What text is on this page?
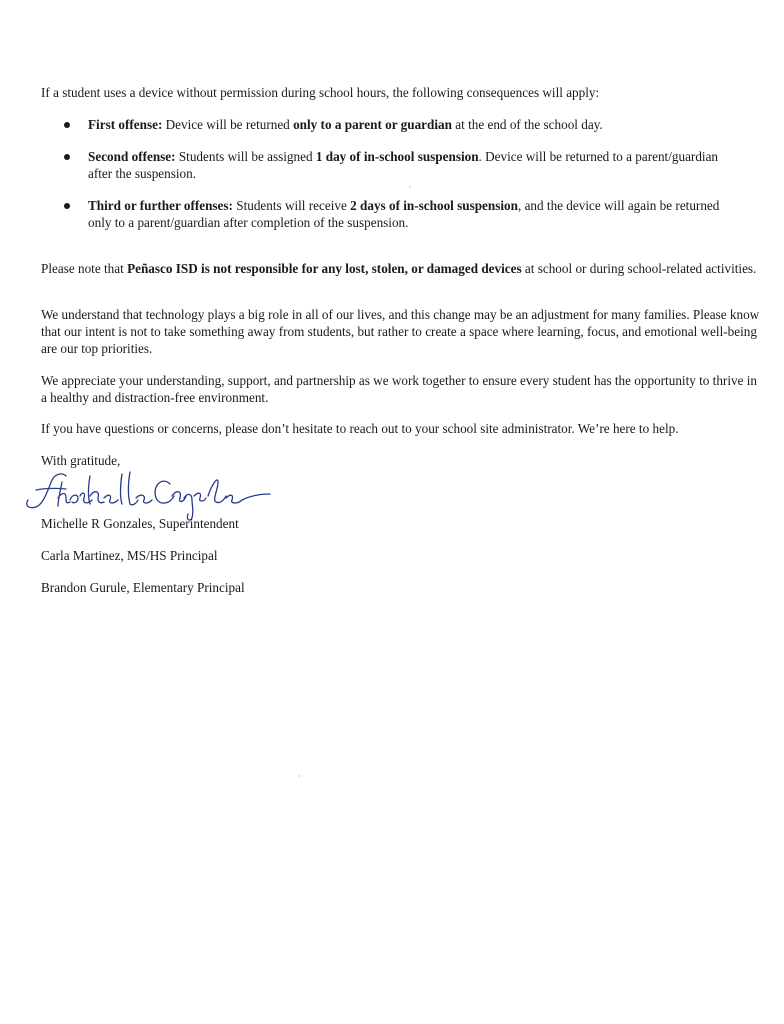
If a student uses a device without permission during school hours, the following consequences will apply:

First offense: Device will be returned only to a parent or guardian at the end of the school day.
Second offense: Students will be assigned 1 day of in-school suspension. Device will be returned to a parent/guardian after the suspension.
Third or further offenses: Students will receive 2 days of in-school suspension, and the device will again be returned only to a parent/guardian after completion of the suspension.

Please note that Peñasco ISD is not responsible for any lost, stolen, or damaged devices at school or during school-related activities.

We understand that technology plays a big role in all of our lives, and this change may be an adjustment for many families. Please know that our intent is not to take something away from students, but rather to create a space where learning, focus, and emotional well-being are our top priorities.

We appreciate your understanding, support, and partnership as we work together to ensure every student has the opportunity to thrive in a healthy and distraction-free environment.

If you have questions or concerns, please don’t hesitate to reach out to your school site administrator. We’re here to help.

With gratitude,
Michelle R Gonzales, Superintendent
Carla Martinez, MS/HS Principal
Brandon Gurule, Elementary Principal
